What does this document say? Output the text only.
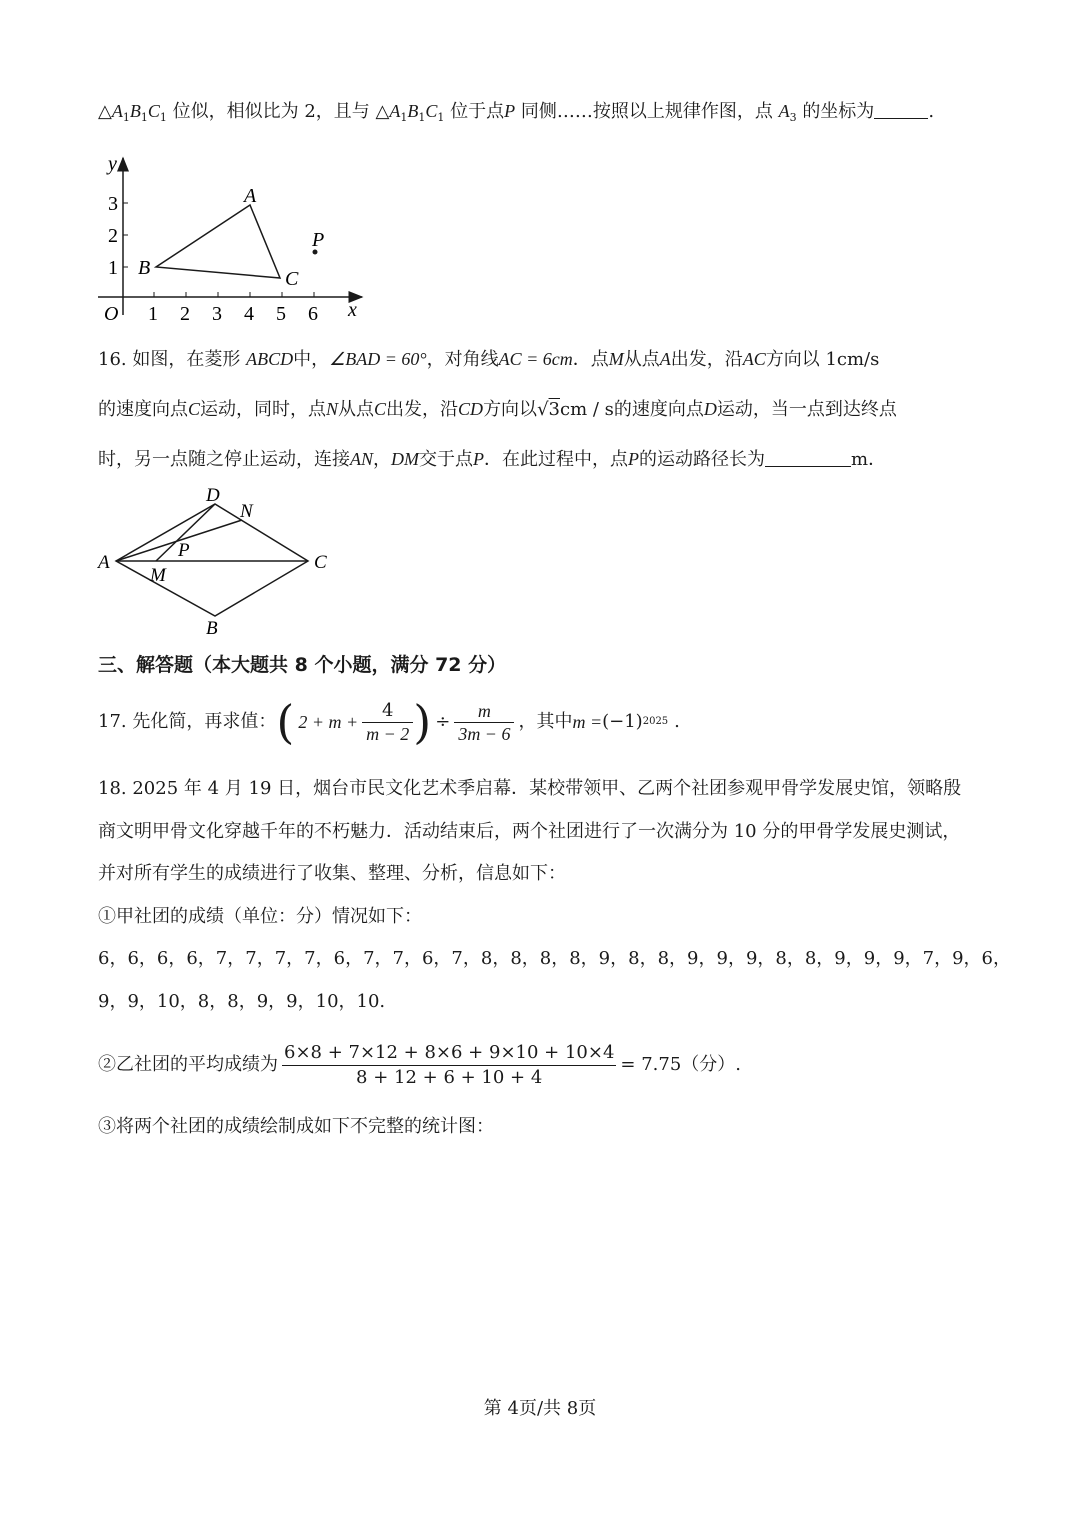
$\triangle A_1B_1C_1$ 位似，相似比为 2，且与 $\triangle A_1B_1C_1$ 位于点P 同侧……按照以上规律作图，点 $A_3$ 的坐标为	.
y
x
O 1 2 3 4 5 6
1
2
3	A
B	C
P
16. 如图，在菱形 ABCD中，∠BAD = 60°，对角线AC = 6cm．点M从点A出发，沿AC方向以 1cm/s
的速度向点C运动，同时，点N从点C出发，沿CD方向以√3cm / s的速度向点D运动，当一点到达终点
时，另一点随之停止运动，连接AN，DM交于点P．在此过程中，点P的运动路径长为	m．
A
B
C
D
M
N
P
三、解答题（本大题共 8 个小题，满分 72 分）
17. 先化简，再求值： ( $2 + m + \frac{4}{m - 2}$ ) ÷ $\frac{m}{3m - 6}$ ，其中 m = (−1) 2025 .
18. 2025 年 4 月 19 日，烟台市民文化艺术季启幕．某校带领甲、乙两个社团参观甲骨学发展史馆，领略殷
商文明甲骨文化穿越千年的不朽魅力．活动结束后，两个社团进行了一次满分为 10 分的甲骨学发展史测试，
并对所有学生的成绩进行了收集、整理、分析，信息如下：
①甲社团的成绩（单位：分）情况如下：
6，6，6，6，7，7，7，7，6，7，7，6，7，8，8，8，8，9，8，8，9，9，9，8，8，9，9，9，7，9，6，
9，9，10，8，8，9，9，10，10.
②乙社团的平均成绩为 $\frac{6\times 8 + 7\times 12 + 8\times 6 + 9\times 10 + 10\times 4}{8 + 12 + 6 + 10 + 4} = 7.75$（分）.
③将两个社团的成绩绘制成如下不完整的统计图：
第 4页/共 8页
